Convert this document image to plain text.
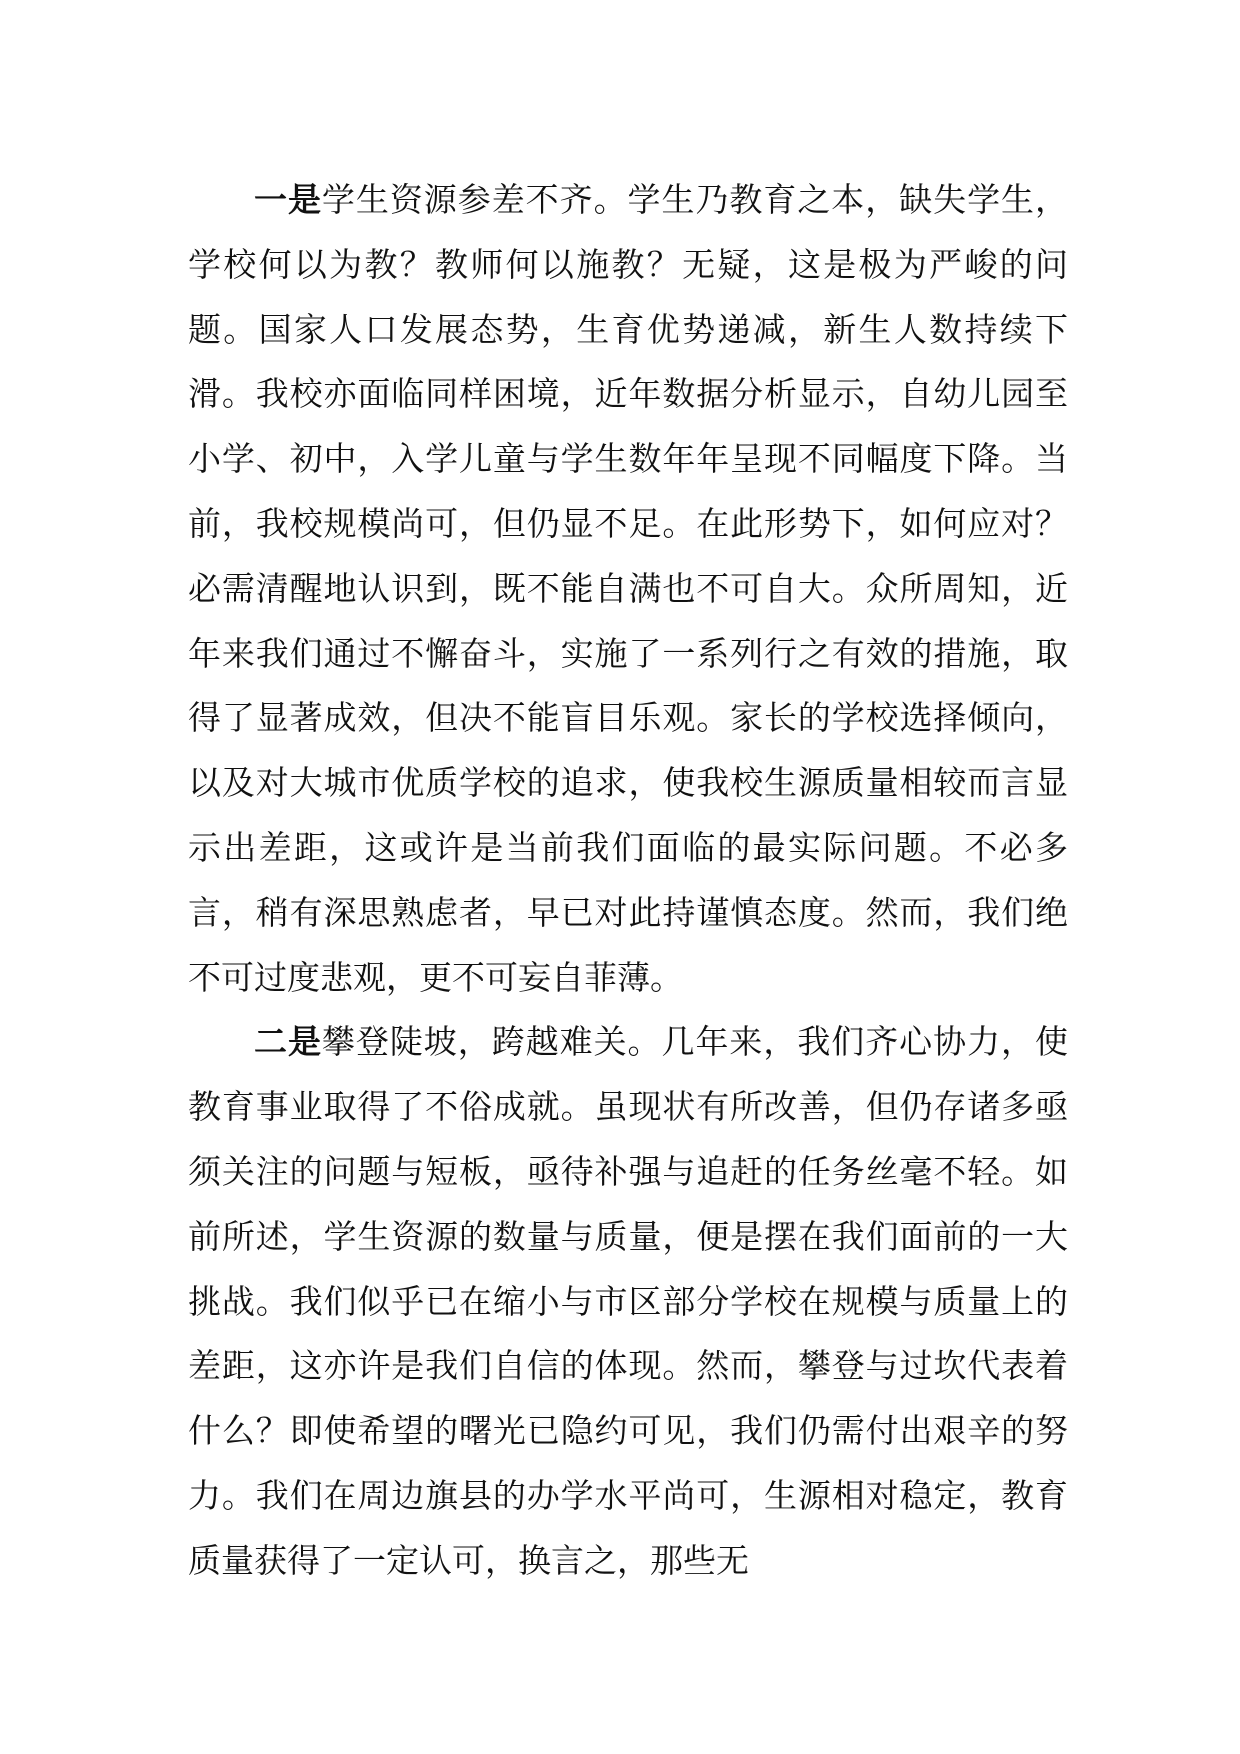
一是学生资源参差不齐。学生乃教育之本，缺失学生，学校何以为教？教师何以施教？无疑，这是极为严峻的问题。国家人口发展态势，生育优势递减，新生人数持续下滑。我校亦面临同样困境，近年数据分析显示，自幼儿园至小学、初中，入学儿童与学生数年年呈现不同幅度下降。当前，我校规模尚可，但仍显不足。在此形势下，如何应对？必需清醒地认识到，既不能自满也不可自大。众所周知，近年来我们通过不懈奋斗，实施了一系列行之有效的措施，取得了显著成效，但决不能盲目乐观。家长的学校选择倾向，以及对大城市优质学校的追求，使我校生源质量相较而言显示出差距，这或许是当前我们面临的最实际问题。不必多言，稍有深思熟虑者，早已对此持谨慎态度。然而，我们绝不可过度悲观，更不可妄自菲薄。

二是攀登陡坡，跨越难关。几年来，我们齐心协力，使教育事业取得了不俗成就。虽现状有所改善，但仍存诸多亟须关注的问题与短板，亟待补强与追赶的任务丝毫不轻。如前所述，学生资源的数量与质量，便是摆在我们面前的一大挑战。我们似乎已在缩小与市区部分学校在规模与质量上的差距，这亦许是我们自信的体现。然而，攀登与过坎代表着什么？即使希望的曙光已隐约可见，我们仍需付出艰辛的努力。我们在周边旗县的办学水平尚可，生源相对稳定，教育质量获得了一定认可，换言之，那些无
